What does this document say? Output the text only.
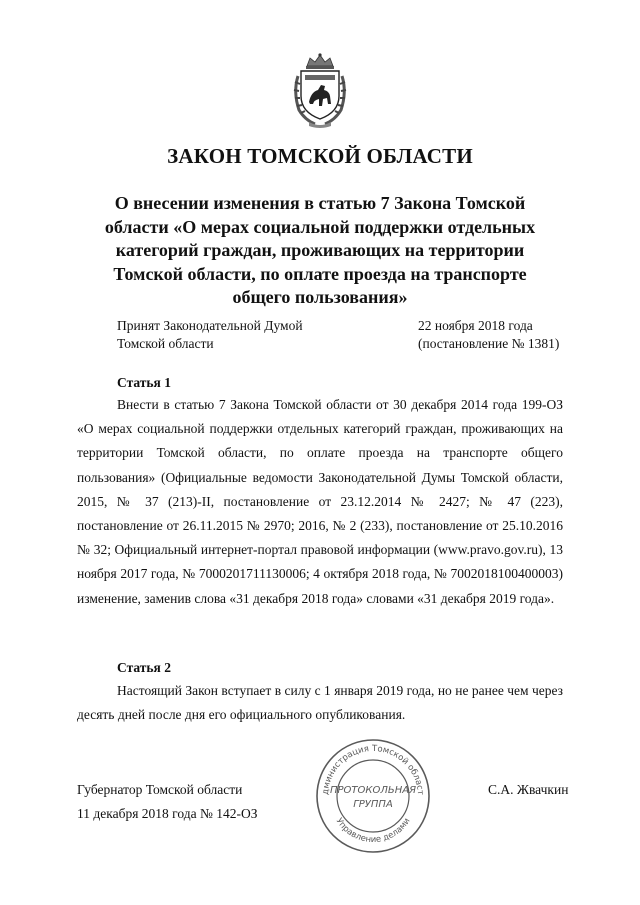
ЗАКОН ТОМСКОЙ ОБЛАСТИ
О внесении изменения в статью 7 Закона Томской
области «О мерах социальной поддержки отдельных
категорий граждан, проживающих на территории
Томской области, по оплате проезда на транспорте
общего пользования»
Принят Законодательной Думой
Томской области
22 ноября 2018 года
(постановление № 1381)
Статья 1

Внести в статью 7 Закона Томской области от 30 декабря 2014 года 199-ОЗ «О мерах социальной поддержки отдельных категорий граждан, проживающих на территории Томской области, по оплате проезда на транспорте общего пользования» (Официальные ведомости Законодательной Думы Томской области, 2015, № 37 (213)-II, постановление от 23.12.2014 № 2427; № 47 (223), постановление от 26.11.2015 № 2970; 2016, № 2 (233), постановление от 25.10.2016 № 32; Официальный интернет-портал правовой информации (www.pravo.gov.ru), 13 ноября 2017 года, № 7000201711130006; 4 октября 2018 года, № 7002018100400003) изменение, заменив слова «31 декабря 2018 года» словами «31 декабря 2019 года».

Статья 2

Настоящий Закон вступает в силу с 1 января 2019 года, но не ранее чем через десять дней после дня его официального опубликования.

Губернатор Томской области
11 декабря 2018 года № 142-ОЗ
С.А. Жвачкин
дминистрация Томской област
Управление делами
ПРОТОКОЛЬНАЯ
ГРУППА
